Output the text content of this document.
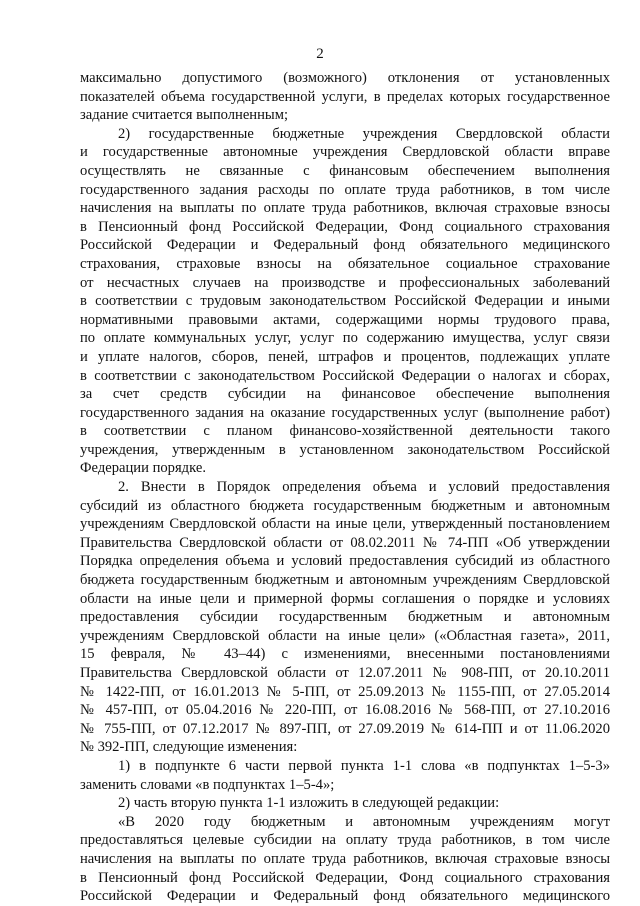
2
максимально допустимого (возможного) отклонения от установленных
показателей объема государственной услуги, в пределах которых государственное
задание считается выполненным;
2) государственные бюджетные учреждения Свердловской области
и государственные автономные учреждения Свердловской области вправе
осуществлять не связанные с финансовым обеспечением выполнения
государственного задания расходы по оплате труда работников, в том числе
начисления на выплаты по оплате труда работников, включая страховые взносы
в Пенсионный фонд Российской Федерации, Фонд социального страхования
Российской Федерации и Федеральный фонд обязательного медицинского
страхования, страховые взносы на обязательное социальное страхование
от несчастных случаев на производстве и профессиональных заболеваний
в соответствии с трудовым законодательством Российской Федерации и иными
нормативными правовыми актами, содержащими нормы трудового права,
по оплате коммунальных услуг, услуг по содержанию имущества, услуг связи
и уплате налогов, сборов, пеней, штрафов и процентов, подлежащих уплате
в соответствии с законодательством Российской Федерации о налогах и сборах,
за счет средств субсидии на финансовое обеспечение выполнения
государственного задания на оказание государственных услуг (выполнение работ)
в соответствии с планом финансово-хозяйственной деятельности такого
учреждения, утвержденным в установленном законодательством Российской
Федерации порядке.
2. Внести в Порядок определения объема и условий предоставления
субсидий из областного бюджета государственным бюджетным и автономным
учреждениям Свердловской области на иные цели, утвержденный постановлением
Правительства Свердловской области от 08.02.2011 № 74-ПП «Об утверждении
Порядка определения объема и условий предоставления субсидий из областного
бюджета государственным бюджетным и автономным учреждениям Свердловской
области на иные цели и примерной формы соглашения о порядке и условиях
предоставления субсидии государственным бюджетным и автономным
учреждениям Свердловской области на иные цели» («Областная газета», 2011,
15 февраля, № 43–44) с изменениями, внесенными постановлениями
Правительства Свердловской области от 12.07.2011 № 908-ПП, от 20.10.2011
№ 1422-ПП, от 16.01.2013 № 5-ПП, от 25.09.2013 № 1155-ПП, от 27.05.2014
№ 457-ПП, от 05.04.2016 № 220-ПП, от 16.08.2016 № 568-ПП, от 27.10.2016
№ 755-ПП, от 07.12.2017 № 897-ПП, от 27.09.2019 № 614-ПП и от 11.06.2020
№ 392-ПП, следующие изменения:
1) в подпункте 6 части первой пункта 1-1 слова «в подпунктах 1–5-3»
заменить словами «в подпунктах 1–5-4»;
2) часть вторую пункта 1-1 изложить в следующей редакции:
«В 2020 году бюджетным и автономным учреждениям могут
предоставляться целевые субсидии на оплату труда работников, в том числе
начисления на выплаты по оплате труда работников, включая страховые взносы
в Пенсионный фонд Российской Федерации, Фонд социального страхования
Российской Федерации и Федеральный фонд обязательного медицинского
